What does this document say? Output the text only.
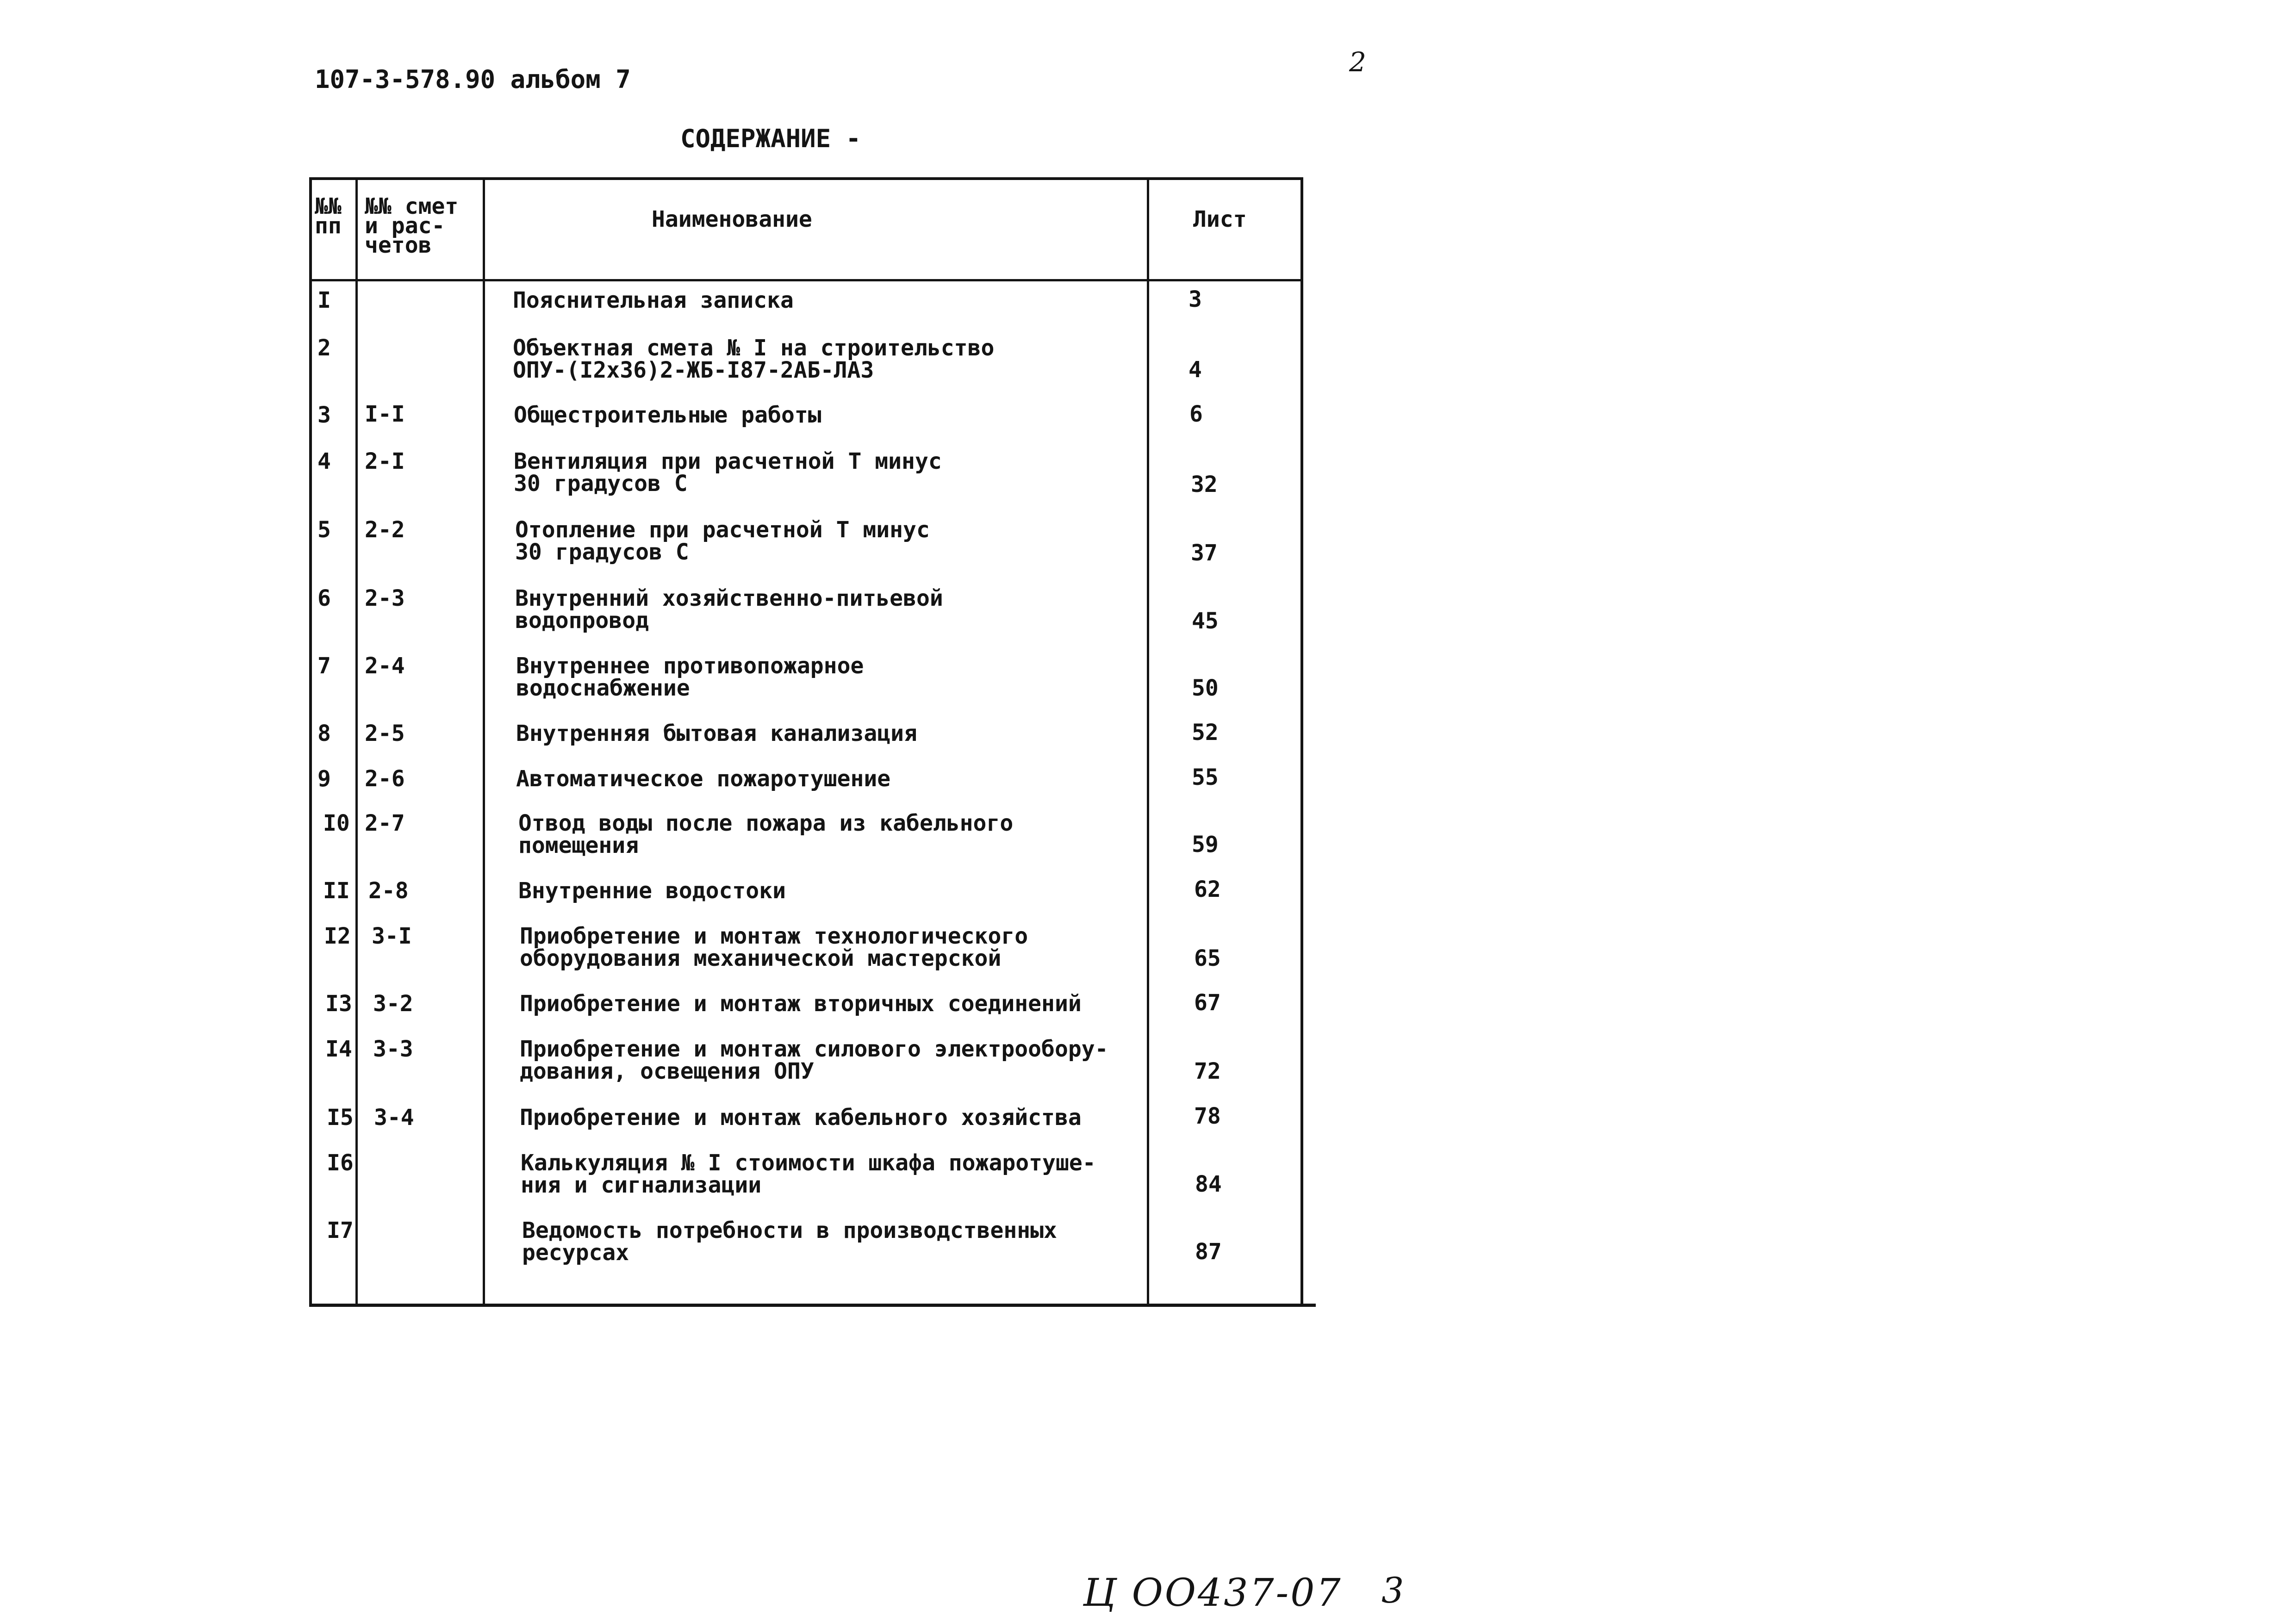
107-3-578.90 альбом 7
2
СОДЕРЖАНИЕ -
№№
пп
№№ смет
и рас-
четов
Наименование	Лист
I	Пояснительная записка	3
2	Объектная смета № I на строительство
ОПУ-(I2х36)2-ЖБ-I87-2АБ-ЛАЗ	4
3 I-I	Общестроительные работы	6
4 2-I	Вентиляция при расчетной Т минус
30 градусов С	32
5 2-2	Отопление при расчетной Т минус
30 градусов С	37
6 2-3	Внутренний хозяйственно-питьевой
водопровод	45
7 2-4	Внутреннее противопожарное
водоснабжение	50
8 2-5	Внутренняя бытовая канализация	52
9 2-6	Автоматическое пожаротушение	55
I0 2-7	Отвод воды после пожара из кабельного
помещения	59
II 2-8	Внутренние водостоки	62
I2 3-I	Приобретение и монтаж технологического
оборудования механической мастерской	65
I3 3-2	Приобретение и монтаж вторичных соединений	67
I4 3-3	Приобретение и монтаж силового электрообору-
дования, освещения ОПУ	72
I5 3-4	Приобретение и монтаж кабельного хозяйства	78
I6	Калькуляция № I стоимости шкафа пожаротуше-
ния и сигнализации	84
I7	Ведомость потребности в производственных
ресурсах	87
Ц ОО437-07 3
